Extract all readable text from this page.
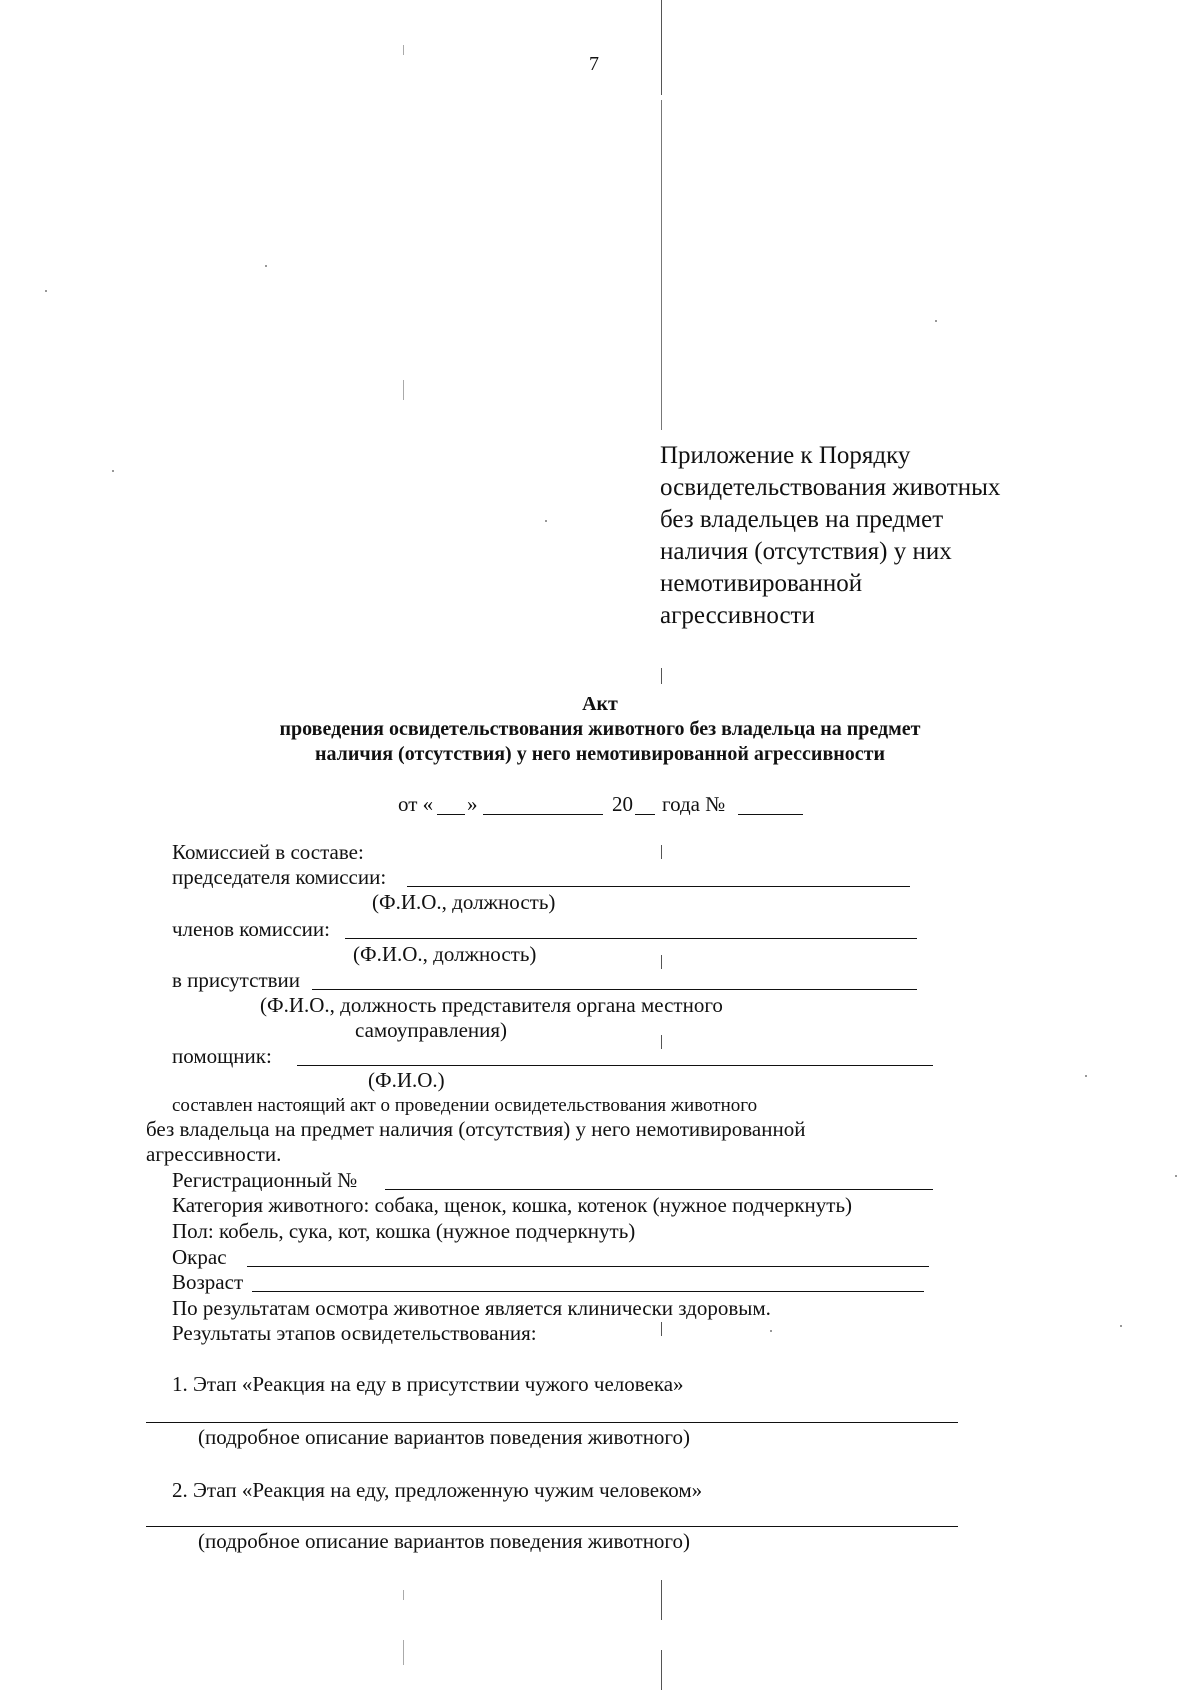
7
Приложение к Порядку
освидетельствования животных
без владельцев на предмет
наличия (отсутствия) у них
немотивированной
агрессивности
Акт
проведения освидетельствования животного без владельца на предмет
наличия (отсутствия) у него немотивированной агрессивности
от « »	20 года №
Комиссией в составе:
председателя комиссии:
(Ф.И.О., должность)
членов комиссии:
(Ф.И.О., должность)
в присутствии
(Ф.И.О., должность представителя органа местного
самоуправления)
помощник:
(Ф.И.О.)
составлен настоящий акт о проведении освидетельствования животного
без владельца на предмет наличия (отсутствия) у него немотивированной
агрессивности.
Регистрационный №
Категория животного: собака, щенок, кошка, котенок (нужное подчеркнуть)
Пол: кобель, сука, кот, кошка (нужное подчеркнуть)
Окрас
Возраст
По результатам осмотра животное является клинически здоровым.
Результаты этапов освидетельствования:
1. Этап «Реакция на еду в присутствии чужого человека»
(подробное описание вариантов поведения животного)
2. Этап «Реакция на еду, предложенную чужим человеком»
(подробное описание вариантов поведения животного)
